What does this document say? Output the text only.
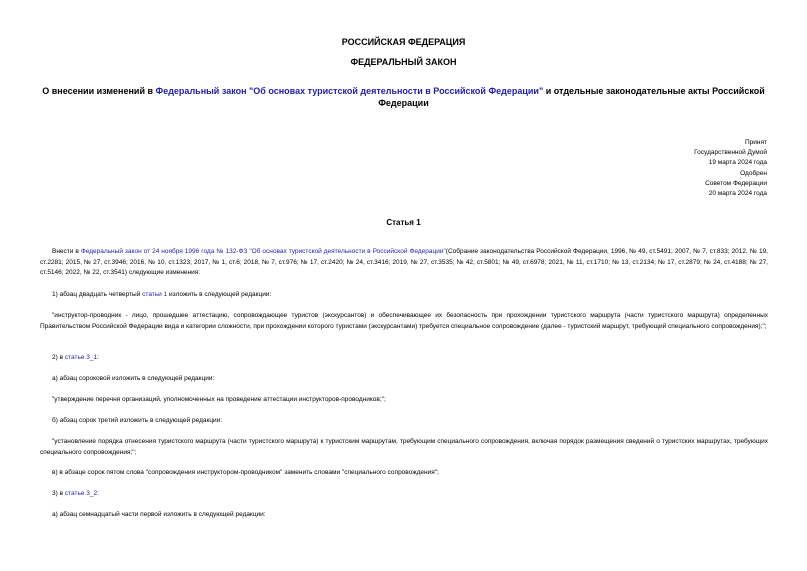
РОССИЙСКАЯ ФЕДЕРАЦИЯ
ФЕДЕРАЛЬНЫЙ ЗАКОН
О внесении изменений в Федеральный закон "Об основах туристской деятельности в Российской Федерации" и отдельные законодательные акты Российской Федерации
Принят
Государственной Думой
19 марта 2024 года
Одобрен
Советом Федерации
20 марта 2024 года
Статья 1

Внести в Федеральный закон от 24 ноября 1996 года № 132-ФЗ "Об основах туристской деятельности в Российской Федерации"(Собрание законодательства Российской Федерации, 1996, № 49, ст.5491; 2007, № 7, ст.833; 2012, № 19, ст.2281; 2015, № 27, ст.3946; 2016, № 10, ст.1323; 2017, № 1, ст.6; 2018, № 7, ст.976; № 17, ст.2420; № 24, ст.3416; 2019, № 27, ст.3535; № 42, ст.5801; № 49, ст.6978; 2021, № 11, ст.1710; № 13, ст.2134; № 17, ст.2879; № 24, ст.4188; № 27, ст.5146; 2022, № 22, ст.3541) следующие изменения:

1) абзац двадцать четвертый статьи 1 изложить в следующей редакции:

"инструктор-проводник - лицо, прошедшее аттестацию, сопровождающее туристов (экскурсантов) и обеспечивающее их безопасность при прохождении туристского маршрута (части туристского маршрута) определенных Правительством Российской Федерации вида и категории сложности, при прохождении которого туристами (экскурсантами) требуется специальное сопровождение (далее - туристский маршрут, требующий специального сопровождения);";

2) в статье 3_1:

а) абзац сороковой изложить в следующей редакции:

"утверждение перечня организаций, уполномоченных на проведение аттестации инструкторов-проводников;";

б) абзац сорок третий изложить в следующей редакции:

"установление порядка отнесения туристского маршрута (части туристского маршрута) к туристским маршрутам, требующим специального сопровождения, включая порядок размещения сведений о туристских маршрутах, требующих специального сопровождения;";

в) в абзаце сорок пятом слова "сопровождения инструктором-проводником" заменить словами "специального сопровождения";

3) в статье 3_2:

а) абзац семнадцатый части первой изложить в следующей редакции:
